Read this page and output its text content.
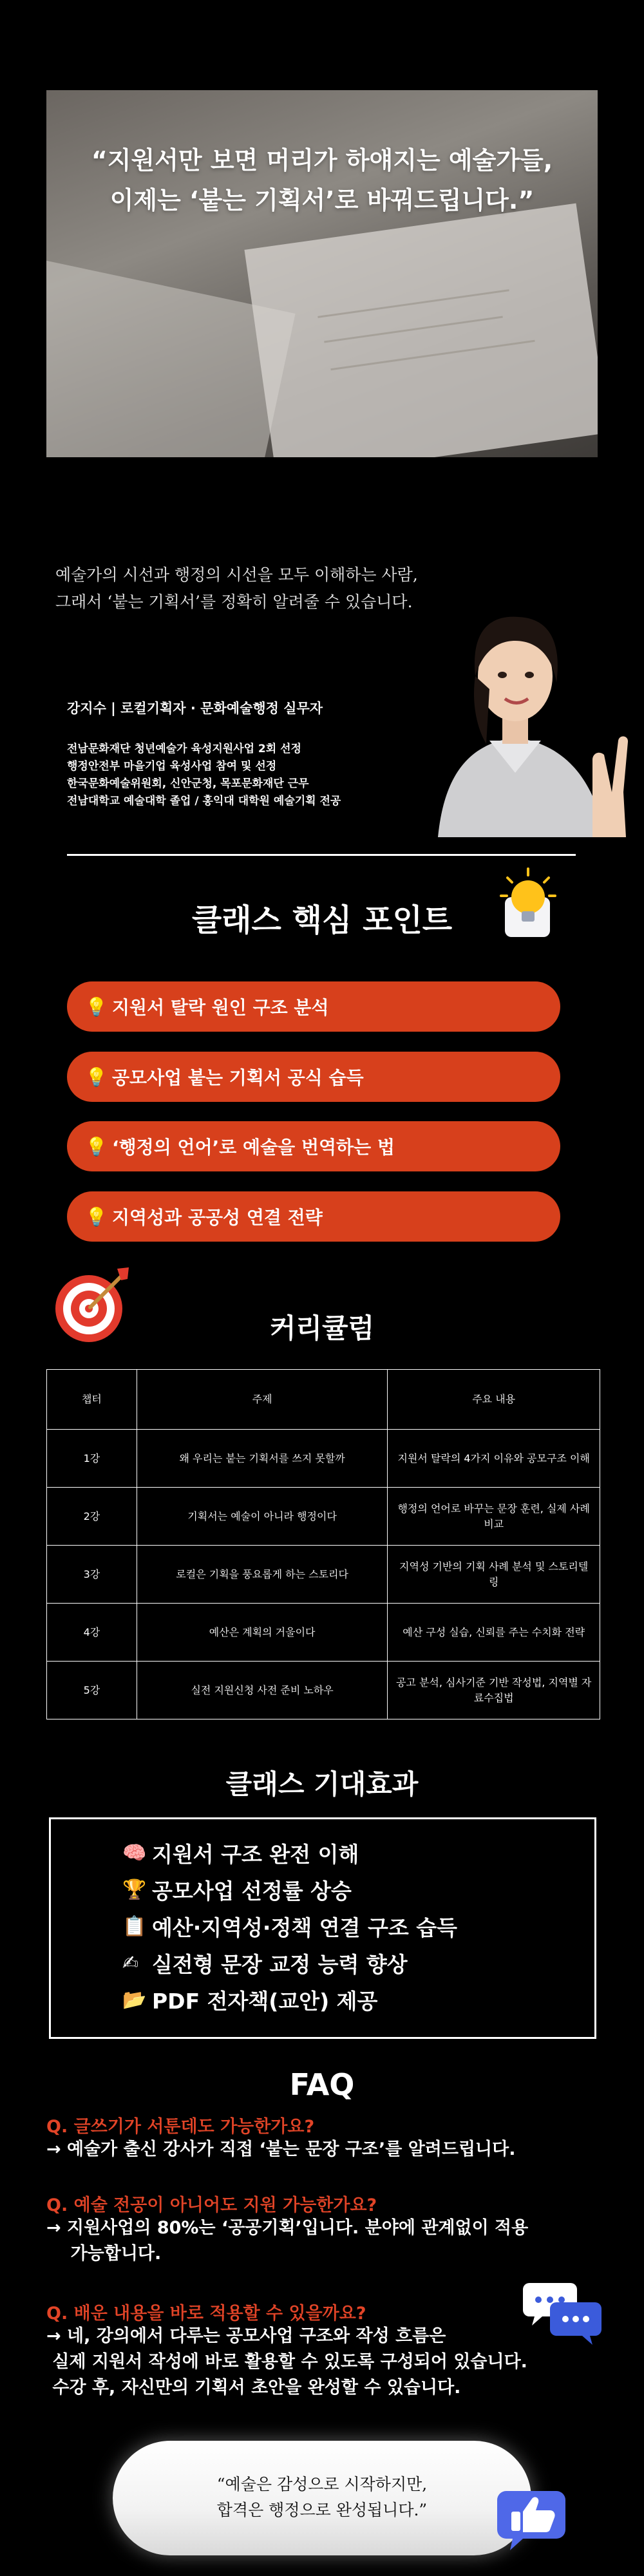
“지원서만 보면 머리가 하얘지는 예술가들,
이제는 ‘붙는 기획서’로 바꿔드립니다.”
예술가의 시선과 행정의 시선을 모두 이해하는 사람,
그래서 ‘붙는 기획서’를 정확히 알려줄 수 있습니다.
강지수 | 로컬기획자 · 문화예술행정 실무자
전남문화재단 청년예술가 육성지원사업 2회 선정
행정안전부 마을기업 육성사업 참여 및 선정
한국문화예술위원회, 신안군청, 목포문화재단 근무
전남대학교 예술대학 졸업 / 홍익대 대학원 예술기획 전공
클래스 핵심 포인트
💡 지원서 탈락 원인 구조 분석
💡 공모사업 붙는 기획서 공식 습득
💡 ‘행정의 언어’로 예술을 번역하는 법
💡 지역성과 공공성 연결 전략
커리큘럼
챕터	주제	주요 내용
1강	왜 우리는 붙는 기획서를 쓰지 못할까	지원서 탈락의 4가지 이유와 공모구조 이해
2강	기획서는 예술이 아니라 행정이다	행정의 언어로 바꾸는 문장 훈련, 실제 사례 비교
3강	로컬은 기획을 풍요롭게 하는 스토리다	지역성 기반의 기획 사례 분석 및 스토리텔링
4강	예산은 계획의 거울이다	예산 구성 실습, 신뢰를 주는 수치화 전략
5강	실전 지원신청 사전 준비 노하우	공고 분석, 심사기준 기반 작성법, 지역별 자료수집법
클래스 기대효과
🧠 지원서 구조 완전 이해
🏆 공모사업 선정률 상승
📋 예산·지역성·정책 연결 구조 습득
✍ 실전형 문장 교정 능력 향상
📂 PDF 전자책(교안) 제공
FAQ
Q. 글쓰기가 서툰데도 가능한가요?
→ 예술가 출신 강사가 직접 ‘붙는 문장 구조’를 알려드립니다.
Q. 예술 전공이 아니어도 지원 가능한가요?
→ 지원사업의 80%는 ‘공공기획’입니다. 분야에 관계없이 적용
가능합니다.
Q. 배운 내용을 바로 적용할 수 있을까요?
→ 네, 강의에서 다루는 공모사업 구조와 작성 흐름은
실제 지원서 작성에 바로 활용할 수 있도록 구성되어 있습니다.
수강 후, 자신만의 기획서 초안을 완성할 수 있습니다.
“예술은 감성으로 시작하지만,
합격은 행정으로 완성됩니다.”
